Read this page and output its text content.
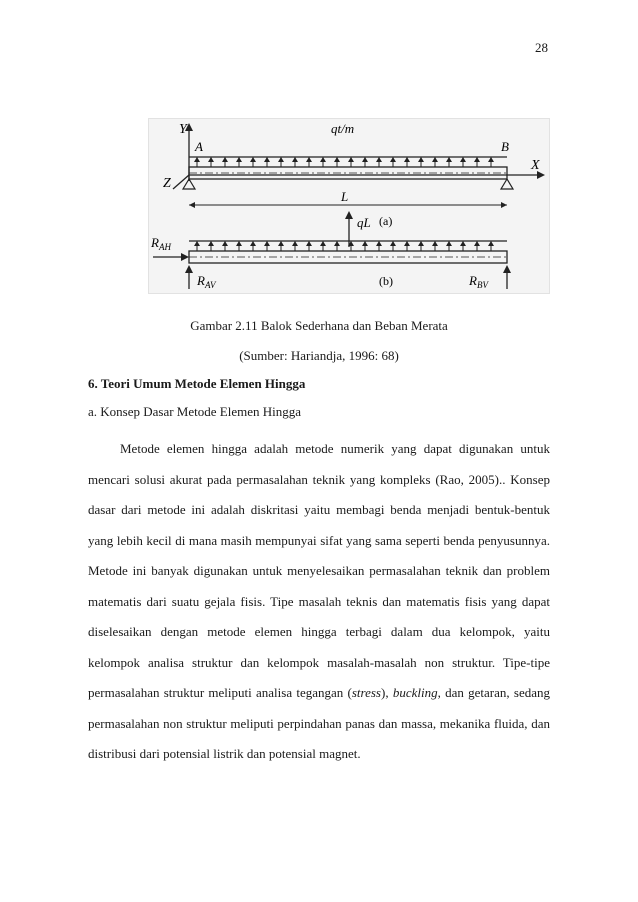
28

Y
X
Z
A	B
qt/m
L
(a)
qL
$R_{AH}$
$R_{AV}$	$R_{BV}$
(b)
Gambar 2.11 Balok Sederhana dan Beban Merata
(Sumber: Hariandja, 1996: 68)
6. Teori Umum Metode Elemen Hingga
a. Konsep Dasar Metode Elemen Hingga

Metode elemen hingga adalah metode numerik yang dapat digunakan untuk mencari solusi akurat pada permasalahan teknik yang kompleks (Rao, 2005).. Konsep dasar dari metode ini adalah diskritasi yaitu membagi benda menjadi bentuk-bentuk yang lebih kecil di mana masih mempunyai sifat yang sama seperti benda penyusunnya. Metode ini banyak digunakan untuk menyelesaikan permasalahan teknik dan problem matematis dari suatu gejala fisis. Tipe masalah teknis dan matematis fisis yang dapat diselesaikan dengan metode elemen hingga terbagi dalam dua kelompok, yaitu kelompok analisa struktur dan kelompok masalah-masalah non struktur. Tipe-tipe permasalahan struktur meliputi analisa tegangan (stress), buckling, dan getaran, sedang permasalahan non struktur meliputi perpindahan panas dan massa, mekanika fluida, dan distribusi dari potensial listrik dan potensial magnet.
